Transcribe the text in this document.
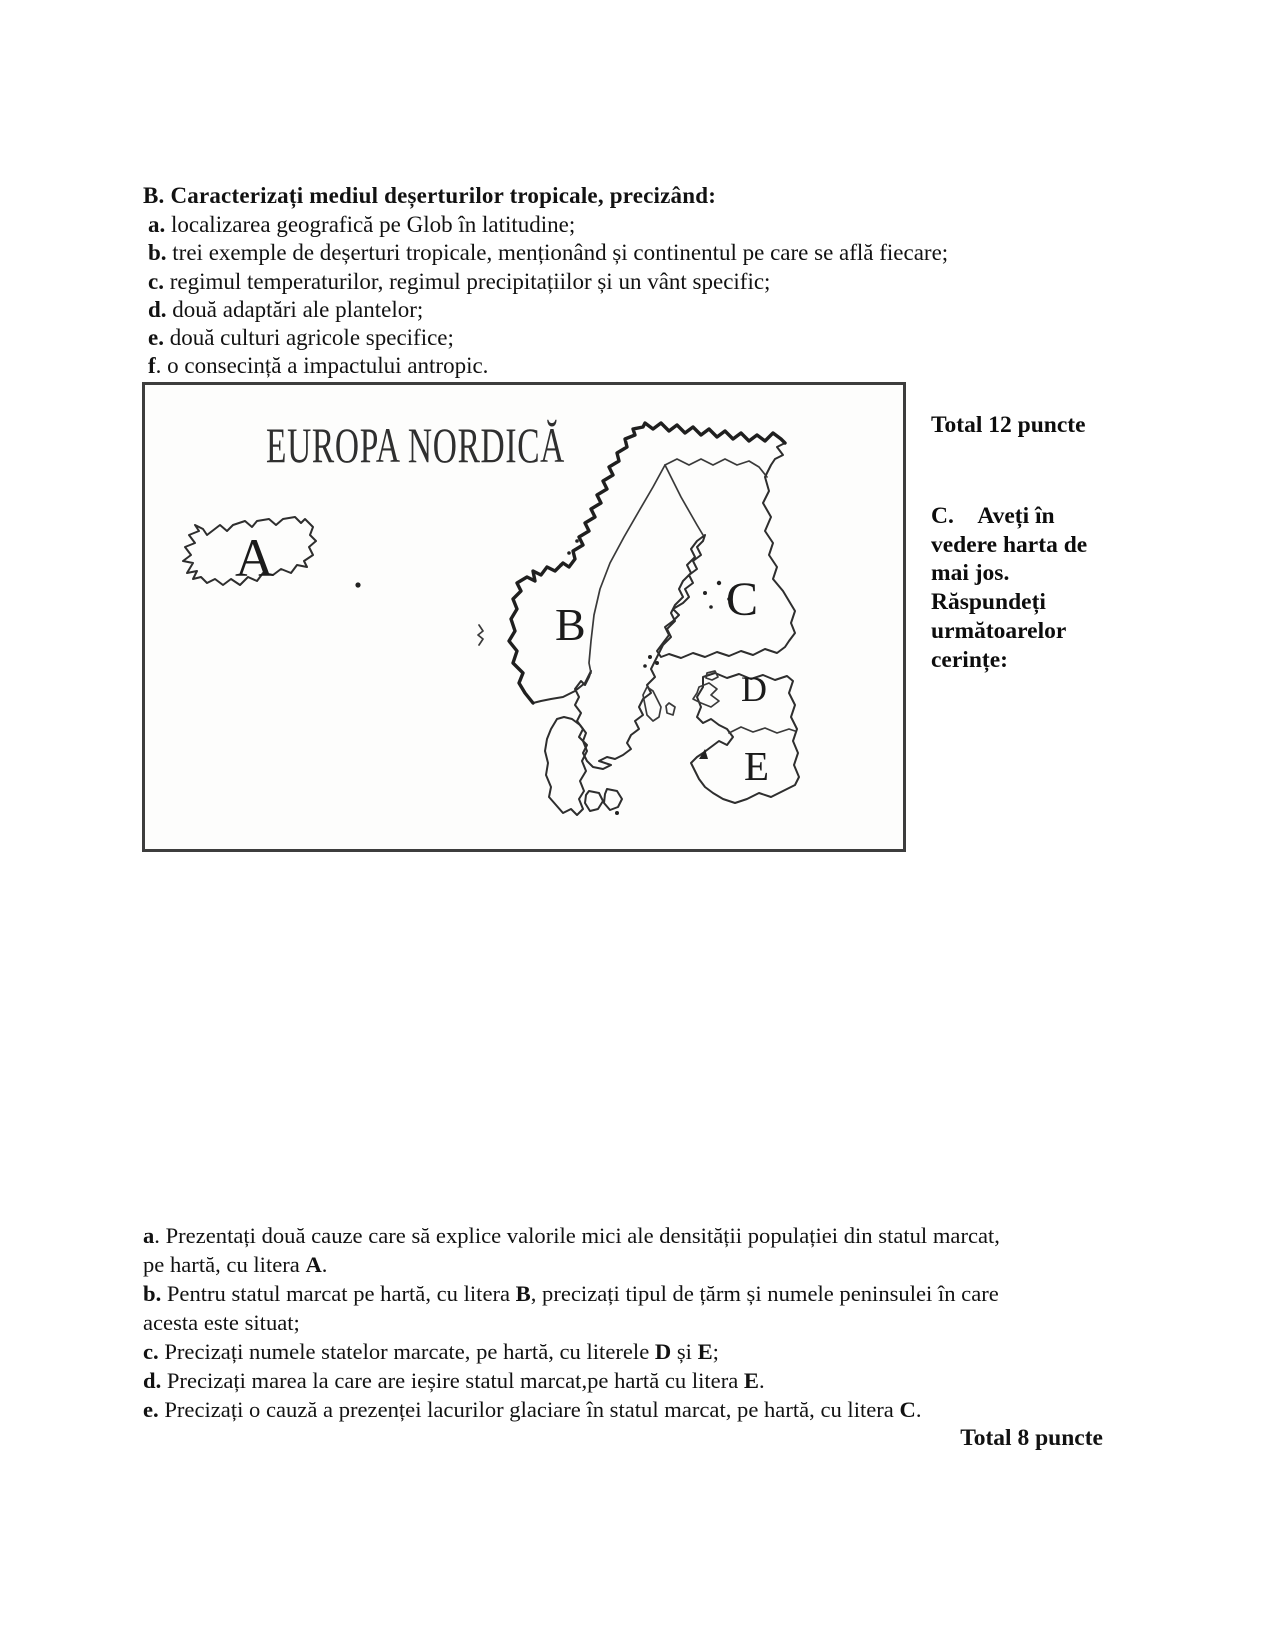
B. Caracterizați mediul deșerturilor tropicale, precizând:
a. localizarea geografică pe Glob în latitudine;
b. trei exemple de deșerturi tropicale, menționând și continentul pe care se află fiecare;
c. regimul temperaturilor, regimul precipitațiilor și un vânt specific;
d. două adaptări ale plantelor;
e. două culturi agricole specifice;
f. o consecință a impactului antropic.
EUROPA NORDICĂ
A
B	C
D
E
Total 12 puncte
C.    Aveți în
vedere harta de
mai jos.
Răspundeți
următoarelor
cerințe:
a. Prezentați două cauze care să explice valorile mici ale densității populației din statul marcat,
pe hartă, cu litera A.
b. Pentru statul marcat pe hartă, cu litera B, precizați tipul de țărm și numele peninsulei în care
acesta este situat;
c. Precizați numele statelor marcate, pe hartă, cu literele D și E;
d. Precizați marea la care are ieșire statul marcat,pe hartă cu litera E.
e. Precizați o cauză a prezenței lacurilor glaciare în statul marcat, pe hartă, cu litera C.
Total 8 puncte
